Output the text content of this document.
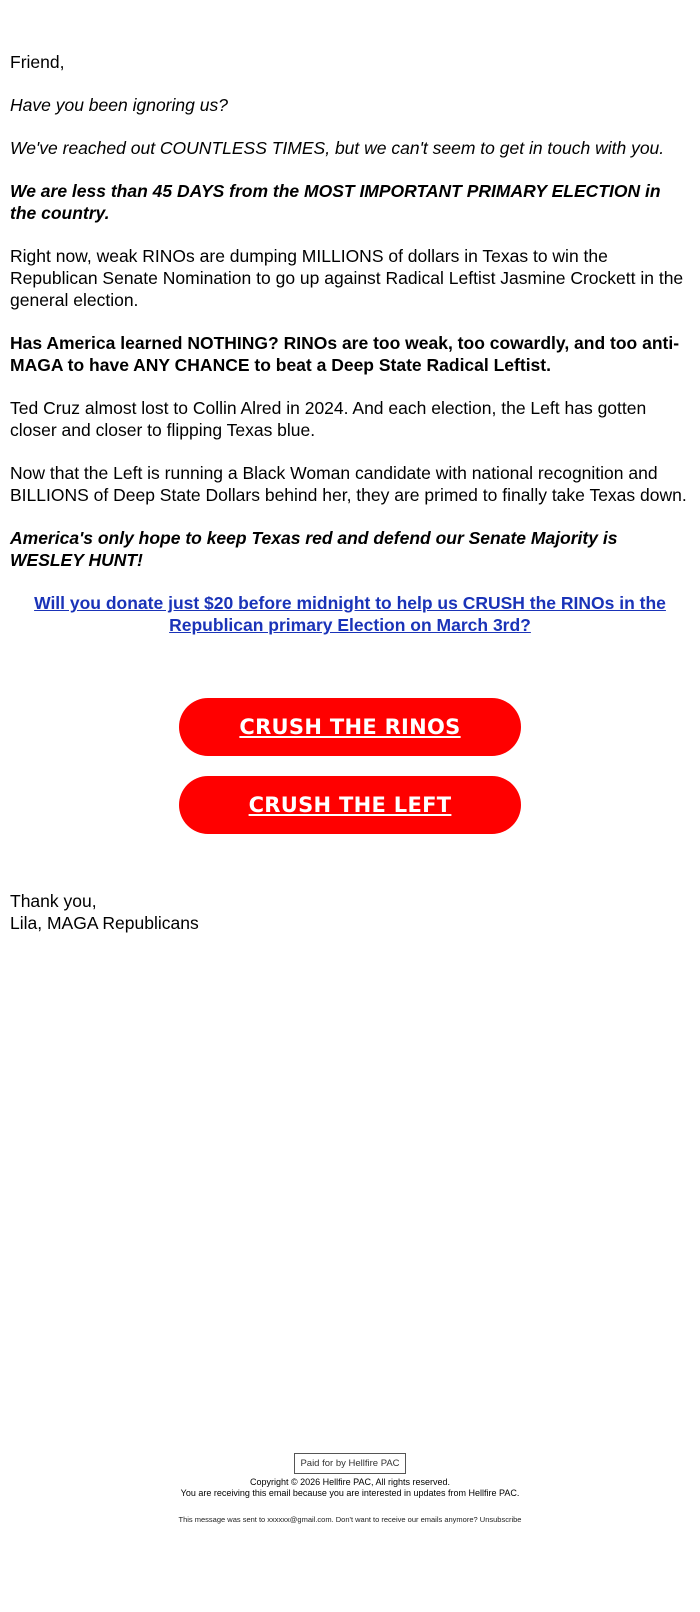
Friend,

Have you been ignoring us?

We've reached out COUNTLESS TIMES, but we can't seem to get in touch with you.

We are less than 45 DAYS from the MOST IMPORTANT PRIMARY ELECTION in the country.

Right now, weak RINOs are dumping MILLIONS of dollars in Texas to win the Republican Senate Nomination to go up against Radical Leftist Jasmine Crockett in the general election.

Has America learned NOTHING? RINOs are too weak, too cowardly, and too anti-MAGA to have ANY CHANCE to beat a Deep State Radical Leftist.

Ted Cruz almost lost to Collin Alred in 2024. And each election, the Left has gotten closer and closer to flipping Texas blue.

Now that the Left is running a Black Woman candidate with national recognition and BILLIONS of Deep State Dollars behind her, they are primed to finally take Texas down.

America's only hope to keep Texas red and defend our Senate Majority is WESLEY HUNT!

Will you donate just $20 before midnight to help us CRUSH the RINOs in the Republican primary Election on March 3rd?
CRUSH THE RINOS
CRUSH THE LEFT
Thank you,
Lila, MAGA Republicans
Paid for by Hellfire PAC
Copyright © 2026 Hellfire PAC, All rights reserved.
You are receiving this email because you are interested in updates from Hellfire PAC.
This message was sent to xxxxxx@gmail.com. Don't want to receive our emails anymore? Unsubscribe
